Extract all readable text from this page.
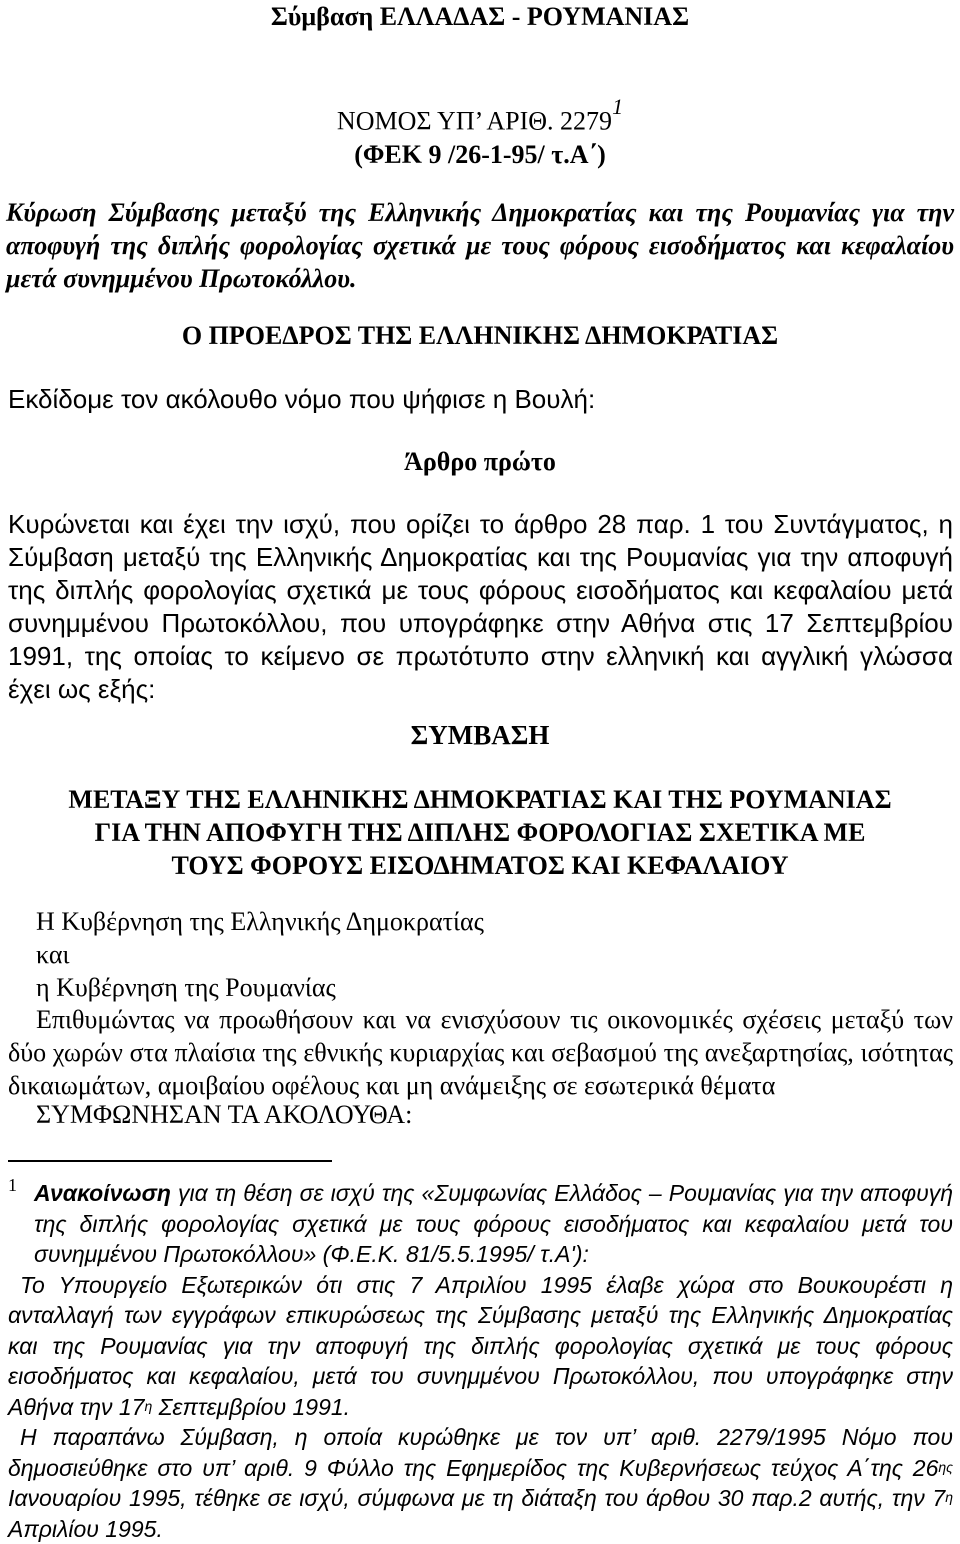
Σύμβαση ΕΛΛΑΔΑΣ - ΡΟΥΜΑΝΙΑΣ
ΝΟΜΟΣ ΥΠ’ ΑΡΙΘ. 2279$^1$
(ΦΕΚ 9 /26-1-95/ τ.Α΄)
Κύρωση Σύμβασης μεταξύ της Ελληνικής Δημοκρατίας και της Ρουμανίας για την αποφυγή της διπλής φορολογίας σχετικά με τους φόρους εισοδήματος και κεφαλαίου μετά συνημμένου Πρωτοκόλλου.
Ο ΠΡΟΕΔΡΟΣ ΤΗΣ ΕΛΛΗΝΙΚΗΣ ΔΗΜΟΚΡΑΤΙΑΣ
Εκδίδομε τον ακόλουθο νόμο που ψήφισε η Βουλή:
Άρθρο πρώτο
Κυρώνεται και έχει την ισχύ, που ορίζει το άρθρο 28 παρ. 1 του Συντάγματος, η Σύμβαση μεταξύ της Ελληνικής Δημοκρατίας και της Ρουμανίας για την αποφυγή της διπλής φορολογίας σχετικά με τους φόρους εισοδήματος και κεφαλαίου μετά συνημμένου Πρωτοκόλλου, που υπογράφηκε στην Αθήνα στις 17 Σεπτεμβρίου 1991, της οποίας το κείμενο σε πρωτότυπο στην ελληνική και αγγλική γλώσσα έχει ως εξής:
ΣΥΜΒΑΣΗ
ΜΕΤΑΞΥ ΤΗΣ ΕΛΛΗΝΙΚΗΣ ΔΗΜΟΚΡΑΤΙΑΣ ΚΑΙ ΤΗΣ ΡΟΥΜΑΝΙΑΣ
ΓΙΑ ΤΗΝ ΑΠΟΦΥΓΗ ΤΗΣ ΔΙΠΛΗΣ ΦΟΡΟΛΟΓΙΑΣ ΣΧΕΤΙΚΑ ΜΕ
ΤΟΥΣ ΦΟΡΟΥΣ ΕΙΣΟΔΗΜΑΤΟΣ ΚΑΙ ΚΕΦΑΛΑΙΟΥ
Η Κυβέρνηση της Ελληνικής Δημοκρατίας
και
η Κυβέρνηση της Ρουμανίας
Επιθυμώντας να προωθήσουν και να ενισχύσουν τις οικονομικές σχέσεις μεταξύ των δύο χωρών στα πλαίσια της εθνικής κυριαρχίας και σεβασμού της ανεξαρτησίας, ισότητας δικαιωμάτων, αμοιβαίου οφέλους και μη ανάμειξης σε εσωτερικά θέματα
ΣΥΜΦΩΝΗΣΑΝ ΤΑ ΑΚΟΛΟΥΘΑ:
1 Ανακοίνωση για τη θέση σε ισχύ της «Συμφωνίας Ελλάδος – Ρουμανίας για την αποφυγή της διπλής φορολογίας σχετικά με τους φόρους εισοδήματος και κεφαλαίου μετά του συνημμένου Πρωτοκόλλου» (Φ.Ε.Κ. 81/5.5.1995/ τ.Α'):
Το Υπουργείο Εξωτερικών ότι στις 7 Απριλίου 1995 έλαβε χώρα στο Βουκουρέστι η ανταλλαγή των εγγράφων επικυρώσεως της Σύμβασης μεταξύ της Ελληνικής Δημοκρατίας και της Ρουμανίας για την αποφυγή της διπλής φορολογίας σχετικά με τους φόρους εισοδήματος και κεφαλαίου, μετά του συνημμένου Πρωτοκόλλου, που υπογράφηκε στην Αθήνα την $17^\eta$ Σεπτεμβρίου 1991.
Η παραπάνω Σύμβαση, η οποία κυρώθηκε με τον υπ’ αριθ. 2279/1995 Νόμο που δημοσιεύθηκε στο υπ’ αριθ. 9 Φύλλο της Εφημερίδος της Κυβερνήσεως τεύχος Α΄της $26^{\eta\varsigma}$ Ιανουαρίου 1995, τέθηκε σε ισχύ, σύμφωνα με τη διάταξη του άρθου 30 παρ.2 αυτής, την $7^\eta$ Απριλίου 1995.
